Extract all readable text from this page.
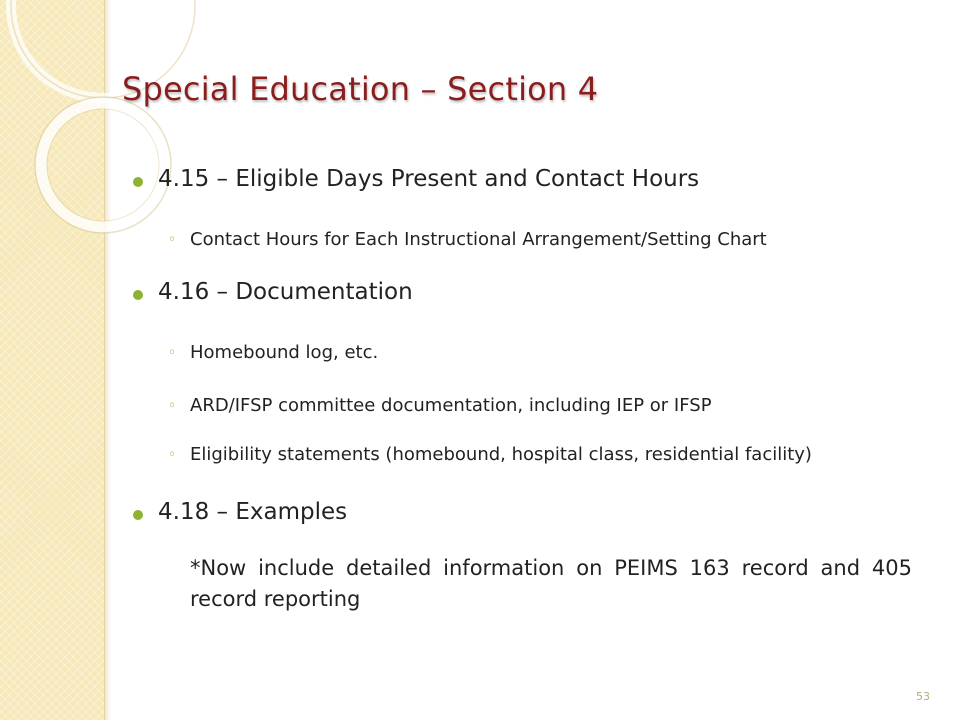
Special Education – Section 4
4.15 – Eligible Days Present and Contact Hours
◦ Contact Hours for Each Instructional Arrangement/Setting Chart
4.16 – Documentation
◦ Homebound log, etc.
◦ ARD/IFSP committee documentation, including IEP or IFSP
◦ Eligibility statements (homebound, hospital class, residential facility)
4.18 – Examples
*Now include detailed information on PEIMS 163 record and 405 record reporting
53
